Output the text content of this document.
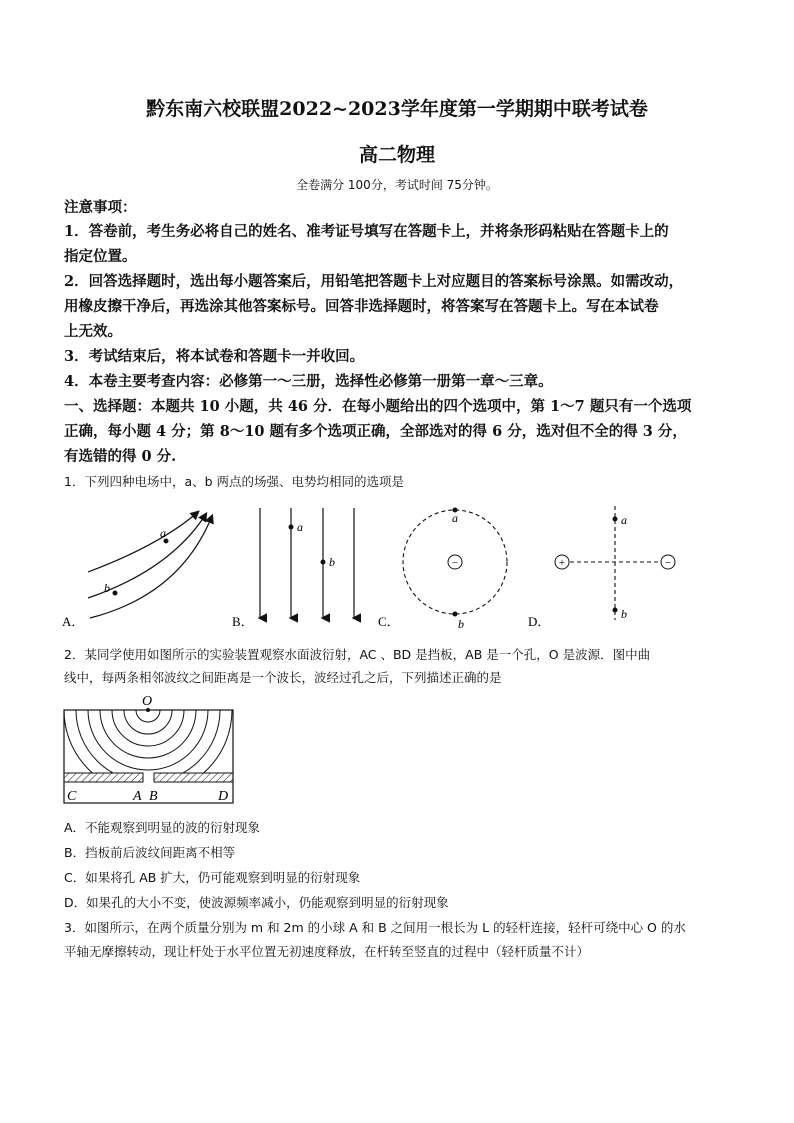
黔东南六校联盟2022~2023学年度第一学期期中联考试卷
高二物理
全卷满分 100分，考试时间 75分钟。
注意事项：
1．答卷前，考生务必将自己的姓名、准考证号填写在答题卡上，并将条形码粘贴在答题卡上的
指定位置。
2．回答选择题时，选出每小题答案后，用铅笔把答题卡上对应题目的答案标号涂黑。如需改动，
用橡皮擦干净后，再选涂其他答案标号。回答非选择题时，将答案写在答题卡上。写在本试卷
上无效。
3．考试结束后，将本试卷和答题卡一并收回。
4．本卷主要考查内容：必修第一～三册，选择性必修第一册第一章～三章。
一、选择题：本题共 10 小题，共 46 分．在每小题给出的四个选项中，第 1～7 题只有一个选项
正确，每小题 4 分；第 8～10 题有多个选项正确，全部选对的得 6 分，选对但不全的得 3 分，
有选错的得 0 分.
1．下列四种电场中，a、b 两点的场强、电势均相同的选项是
a
b
A．
a
b
B．
−
a
b
C．
+	−
a
b
D．
2．某同学使用如图所示的实验装置观察水面波衍射，AC 、BD 是挡板，AB 是一个孔，O 是波源．图中曲
线中，每两条相邻波纹之间距离是一个波长，波经过孔之后，下列描述正确的是
O
C	A B	D
A．不能观察到明显的波的衍射现象
B．挡板前后波纹间距离不相等
C．如果将孔 AB 扩大，仍可能观察到明显的衍射现象
D．如果孔的大小不变，使波源频率减小，仍能观察到明显的衍射现象
3．如图所示，在两个质量分别为 m 和 2m 的小球 A 和 B 之间用一根长为 L 的轻杆连接，轻杆可绕中心 O 的水
平轴无摩擦转动，现让杆处于水平位置无初速度释放，在杆转至竖直的过程中（轻杆质量不计）
